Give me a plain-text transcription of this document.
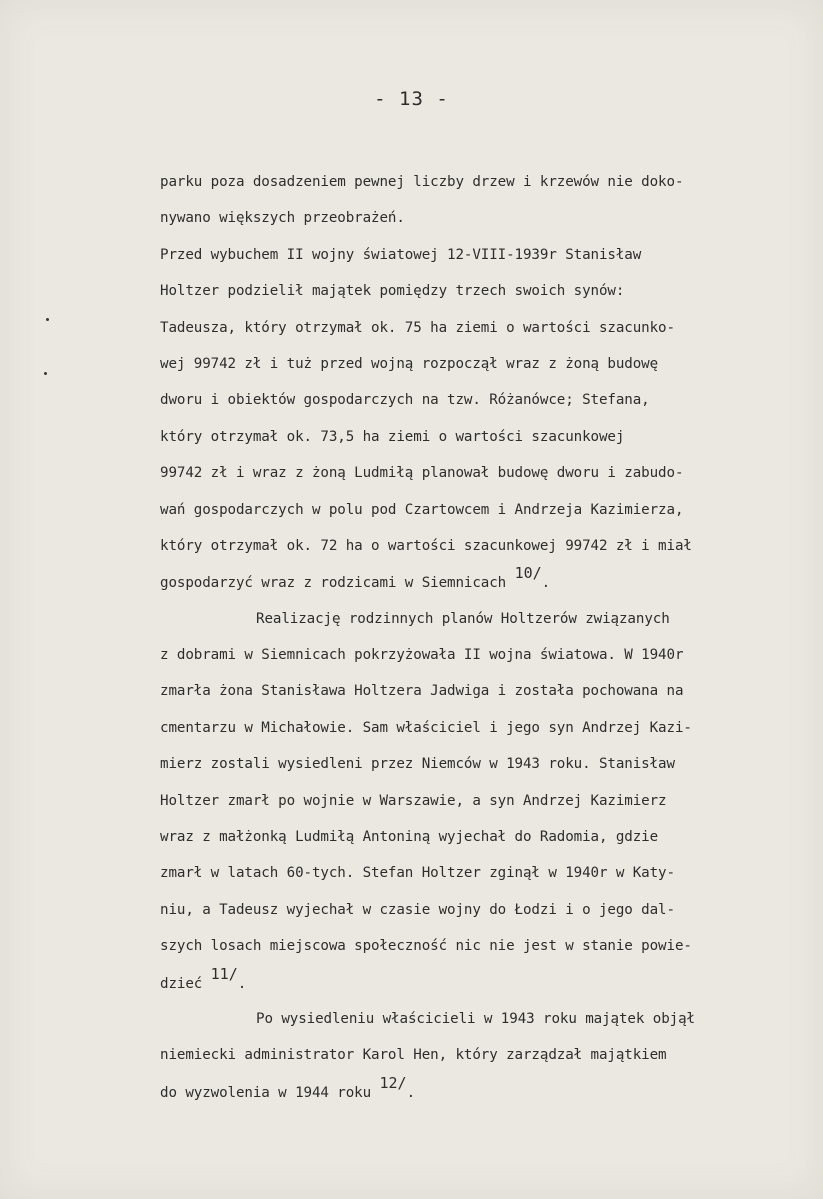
- 13 -
parku poza dosadzeniem pewnej liczby drzew i krzewów nie doko-
nywano większych przeobrażeń.
Przed wybuchem II wojny światowej 12-VIII-1939r Stanisław
Holtzer podzielił majątek pomiędzy trzech swoich synów:
Tadeusza, który otrzymał ok. 75 ha ziemi o wartości szacunko-
wej 99742 zł i tuż przed wojną rozpoczął wraz z żoną budowę
dworu i obiektów gospodarczych na tzw. Różanówce; Stefana,
który otrzymał ok. 73,5 ha ziemi o wartości szacunkowej
99742 zł i wraz z żoną Ludmiłą planował budowę dworu i zabudo-
wań gospodarczych w polu pod Czartowcem i Andrzeja Kazimierza,
który otrzymał ok. 72 ha o wartości szacunkowej 99742 zł i miał
gospodarzyć wraz z rodzicami w Siemnicach 10/.
Realizację rodzinnych planów Holtzerów związanych
z dobrami w Siemnicach pokrzyżowała II wojna światowa. W 1940r
zmarła żona Stanisława Holtzera Jadwiga i została pochowana na
cmentarzu w Michałowie. Sam właściciel i jego syn Andrzej Kazi-
mierz zostali wysiedleni przez Niemców w 1943 roku. Stanisław
Holtzer zmarł po wojnie w Warszawie, a syn Andrzej Kazimierz
wraz z małżonką Ludmiłą Antoniną wyjechał do Radomia, gdzie
zmarł w latach 60-tych. Stefan Holtzer zginął w 1940r w Katy-
niu, a Tadeusz wyjechał w czasie wojny do Łodzi i o jego dal-
szych losach miejscowa społeczność nic nie jest w stanie powie-
dzieć 11/.
Po wysiedleniu właścicieli w 1943 roku majątek objął
niemiecki administrator Karol Hen, który zarządzał majątkiem
do wyzwolenia w 1944 roku 12/.
